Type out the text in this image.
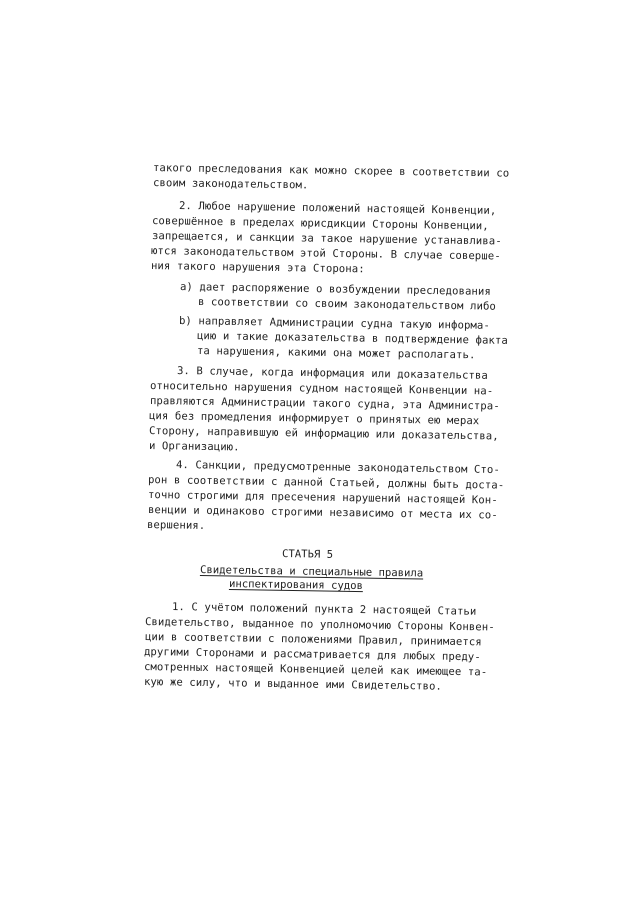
такого преследования как можно скорее в соответствии со
своим законодательством.
2. Любое нарушение положений настоящей Конвенции,
совершённое в пределах юрисдикции Стороны Конвенции,
запрещается, и санкции за такое нарушение устанавлива-
ются законодательством этой Стороны. В случае соверше-
ния такого нарушения эта Сторона:
a) дает распоряжение о возбуждении преследования
в соответствии со своим законодательством либо
b) направляет Администрации судна такую информа-
цию и такие доказательства в подтверждение факта
та нарушения, какими она может располагать.
3. В случае, когда информация или доказательства
относительно нарушения судном настоящей Конвенции на-
правляются Администрации такого судна, эта Администра-
ция без промедления информирует о принятых ею мерах
Сторону, направившую ей информацию или доказательства,
и Организацию.
4. Санкции, предусмотренные законодательством Сто-
рон в соответствии с данной Статьей, должны быть доста-
точно строгими для пресечения нарушений настоящей Кон-
венции и одинаково строгими независимо от места их со-
вершения.
СТАТЬЯ 5
Свидетельства и специальные правила
инспектирования судов
1. С учётом положений пункта 2 настоящей Статьи
Свидетельство, выданное по уполномочию Стороны Конвен-
ции в соответствии с положениями Правил, принимается
другими Сторонами и рассматривается для любых преду-
смотренных настоящей Конвенцией целей как имеющее та-
кую же силу, что и выданное ими Свидетельство.
